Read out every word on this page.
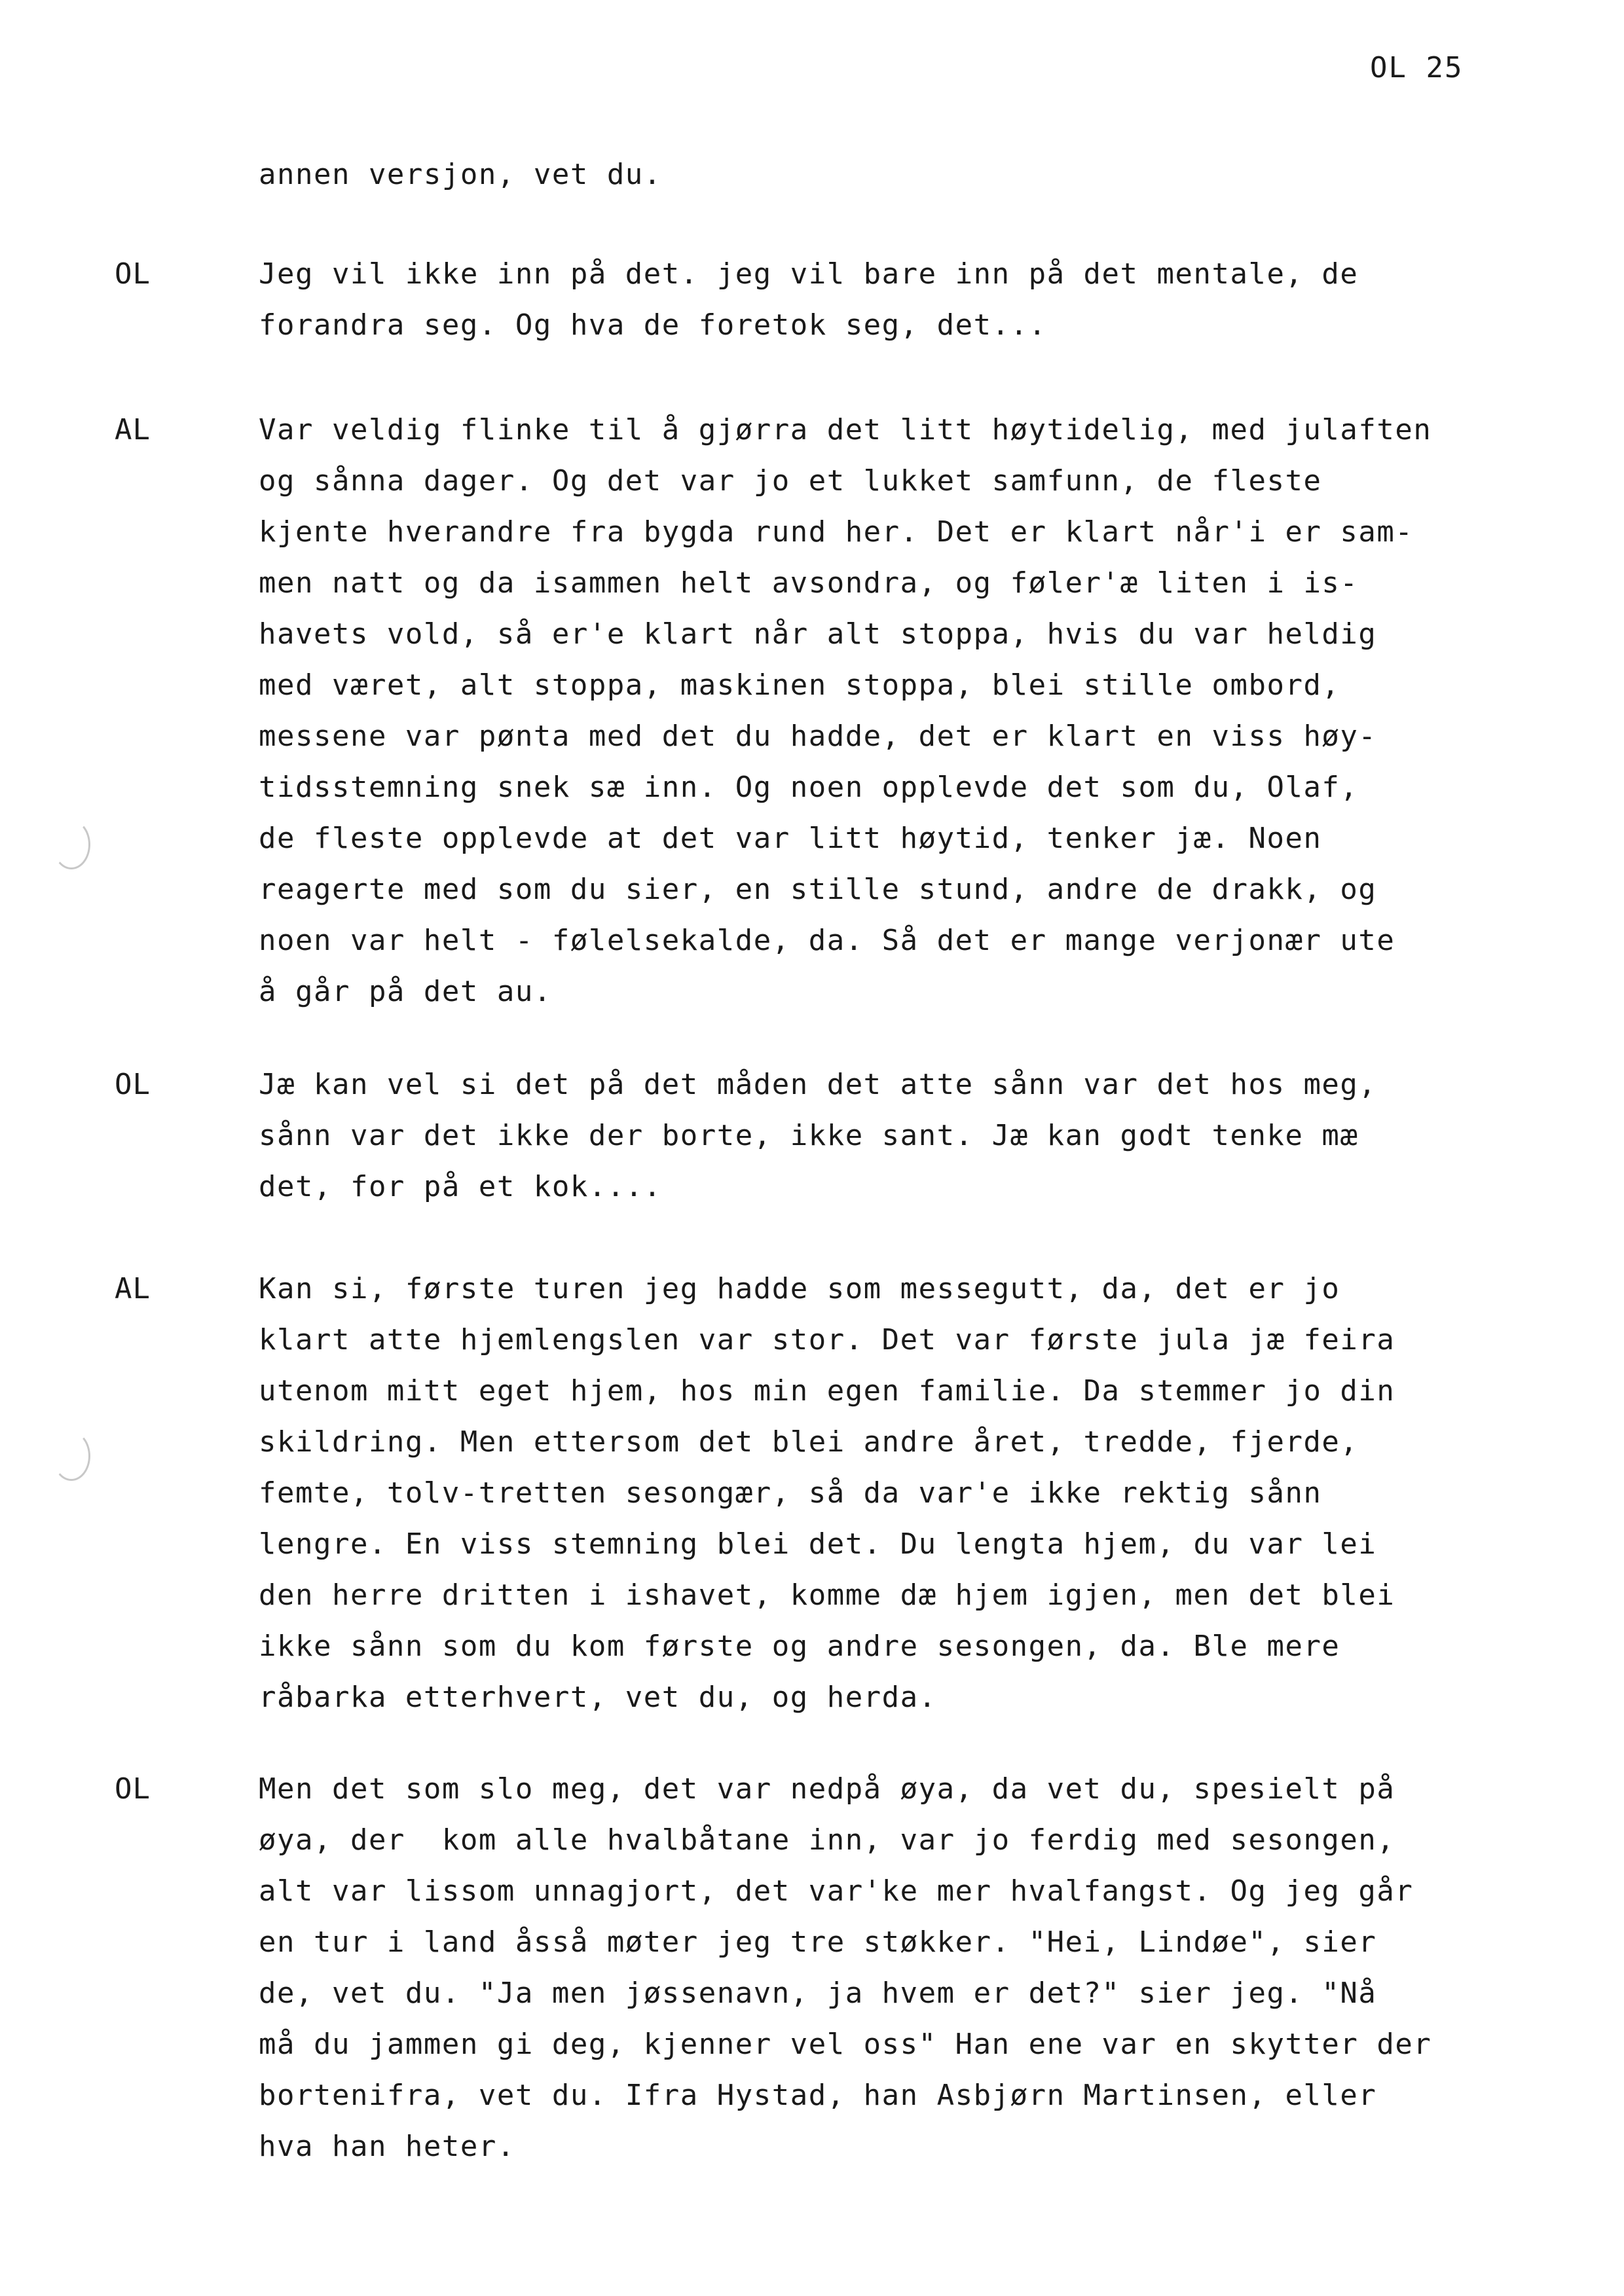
OL 25
annen versjon, vet du.
OL	Jeg vil ikke inn på det. jeg vil bare inn på det mentale, de
forandra seg. Og hva de foretok seg, det...
AL	Var veldig flinke til å gjørra det litt høytidelig, med julaften
og sånna dager. Og det var jo et lukket samfunn, de fleste
kjente hverandre fra bygda rund her. Det er klart når'i er sam-
men natt og da isammen helt avsondra, og føler'æ liten i is-
havets vold, så er'e klart når alt stoppa, hvis du var heldig
med været, alt stoppa, maskinen stoppa, blei stille ombord,
messene var pønta med det du hadde, det er klart en viss høy-
tidsstemning snek sæ inn. Og noen opplevde det som du, Olaf,
de fleste opplevde at det var litt høytid, tenker jæ. Noen
reagerte med som du sier, en stille stund, andre de drakk, og
noen var helt - følelsekalde, da. Så det er mange verjonær ute
å går på det au.
OL	Jæ kan vel si det på det måden det atte sånn var det hos meg,
sånn var det ikke der borte, ikke sant. Jæ kan godt tenke mæ
det, for på et kok....
AL	Kan si, første turen jeg hadde som messegutt, da, det er jo
klart atte hjemlengslen var stor. Det var første jula jæ feira
utenom mitt eget hjem, hos min egen familie. Da stemmer jo din
skildring. Men ettersom det blei andre året, tredde, fjerde,
femte, tolv-tretten sesongær, så da var'e ikke rektig sånn
lengre. En viss stemning blei det. Du lengta hjem, du var lei
den herre dritten i ishavet, komme dæ hjem igjen, men det blei
ikke sånn som du kom første og andre sesongen, da. Ble mere
råbarka etterhvert, vet du, og herda.
OL	Men det som slo meg, det var nedpå øya, da vet du, spesielt på
øya, der  kom alle hvalbåtane inn, var jo ferdig med sesongen,
alt var lissom unnagjort, det var'ke mer hvalfangst. Og jeg går
en tur i land åsså møter jeg tre støkker. "Hei, Lindøe", sier
de, vet du. "Ja men jøssenavn, ja hvem er det?" sier jeg. "Nå
må du jammen gi deg, kjenner vel oss" Han ene var en skytter der
bortenifra, vet du. Ifra Hystad, han Asbjørn Martinsen, eller
hva han heter.
